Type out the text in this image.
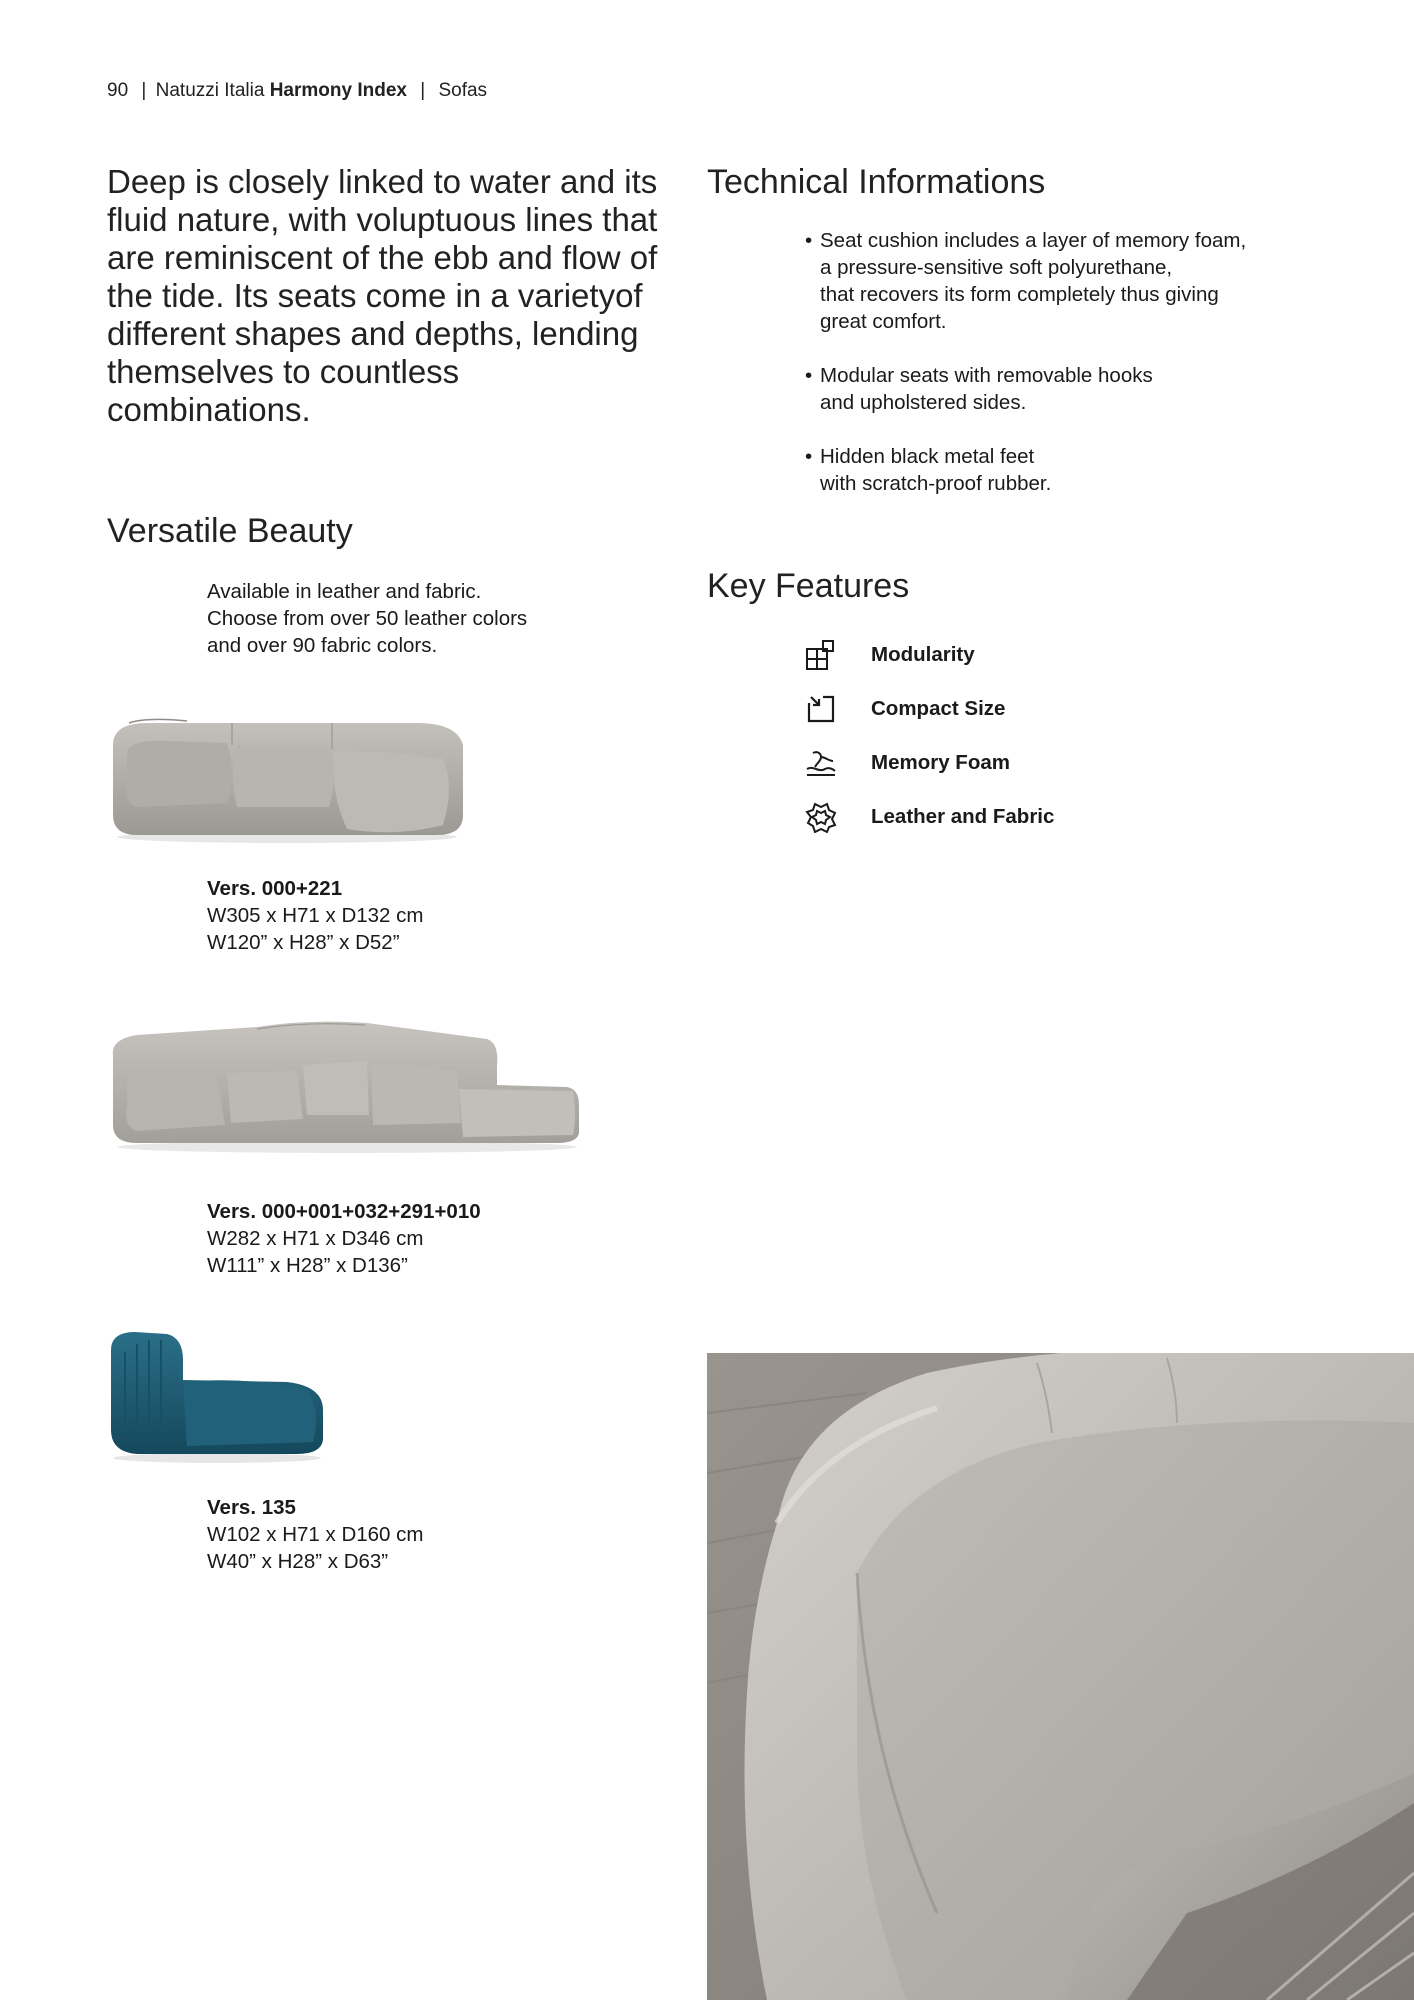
90 | Natuzzi Italia Harmony Index | Sofas

Deep is closely linked to water and its fluid nature, with voluptuous lines that are reminiscent of the ebb and flow of the tide. Its seats come in a varietyof different shapes and depths, lending themselves to countless combinations.

Versatile Beauty
Available in leather and fabric.
Choose from over 50 leather colors
and over 90 fabric colors.
Technical Informations
• Seat cushion includes a layer of memory foam,
a pressure-sensitive soft polyurethane,
that recovers its form completely thus giving
great comfort.
• Modular seats with removable hooks
and upholstered sides.
• Hidden black metal feet
with scratch-proof rubber.
Key Features
Modularity
Compact Size
Memory Foam
Leather and Fabric
Vers. 000+221
W305 x H71 x D132 cm
W120” x H28” x D52”
Vers. 000+001+032+291+010
W282 x H71 x D346 cm
W111” x H28” x D136”
Vers. 135
W102 x H71 x D160 cm
W40” x H28” x D63”
